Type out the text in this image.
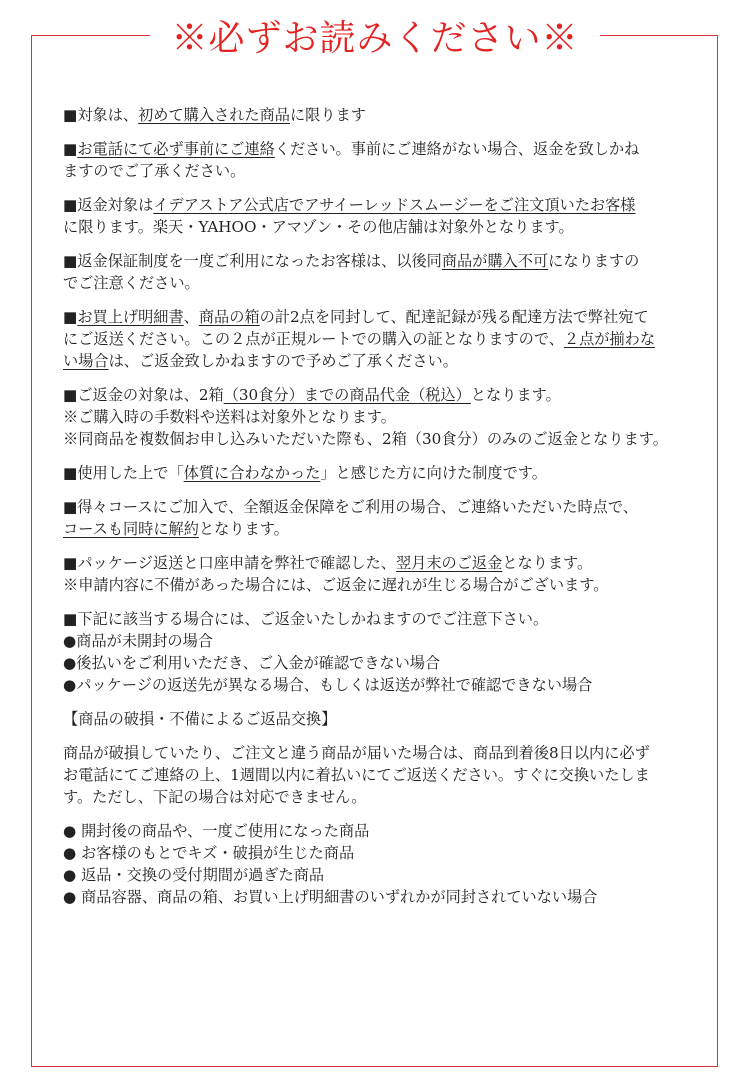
※必ずお読みください※

■対象は、初めて購入された商品に限ります

■お電話にて必ず事前にご連絡ください。事前にご連絡がない場合、返金を致しかね

ますのでご了承ください。

■返金対象はイデアストア公式店でアサイーレッドスムージーをご注文頂いたお客様

に限ります。楽天・YAHOO・アマゾン・その他店舗は対象外となります。

■返金保証制度を一度ご利用になったお客様は、以後同商品が購入不可になりますの

でご注意ください。

■お買上げ明細書、商品の箱の計2点を同封して、配達記録が残る配達方法で弊社宛て

にご返送ください。この２点が正規ルートでの購入の証となりますので、２点が揃わな

い場合は、ご返金致しかねますので予めご了承ください。

■ご返金の対象は、2箱（30食分）までの商品代金（税込）となります。

※ご購入時の手数料や送料は対象外となります。

※同商品を複数個お申し込みいただいた際も、2箱（30食分）のみのご返金となります。

■使用した上で「体質に合わなかった」と感じた方に向けた制度です。

■得々コースにご加入で、全額返金保障をご利用の場合、ご連絡いただいた時点で、

コースも同時に解約となります。

■パッケージ返送と口座申請を弊社で確認した、翌月末のご返金となります。

※申請内容に不備があった場合には、ご返金に遅れが生じる場合がございます。

■下記に該当する場合には、ご返金いたしかねますのでご注意下さい。

●商品が未開封の場合

●後払いをご利用いただき、ご入金が確認できない場合

●パッケージの返送先が異なる場合、もしくは返送が弊社で確認できない場合

【商品の破損・不備によるご返品交換】

商品が破損していたり、ご注文と違う商品が届いた場合は、商品到着後8日以内に必ず

お電話にてご連絡の上、1週間以内に着払いにてご返送ください。すぐに交換いたしま

す。ただし、下記の場合は対応できません。

● 開封後の商品や、一度ご使用になった商品

● お客様のもとでキズ・破損が生じた商品

● 返品・交換の受付期間が過ぎた商品

● 商品容器、商品の箱、お買い上げ明細書のいずれかが同封されていない場合
